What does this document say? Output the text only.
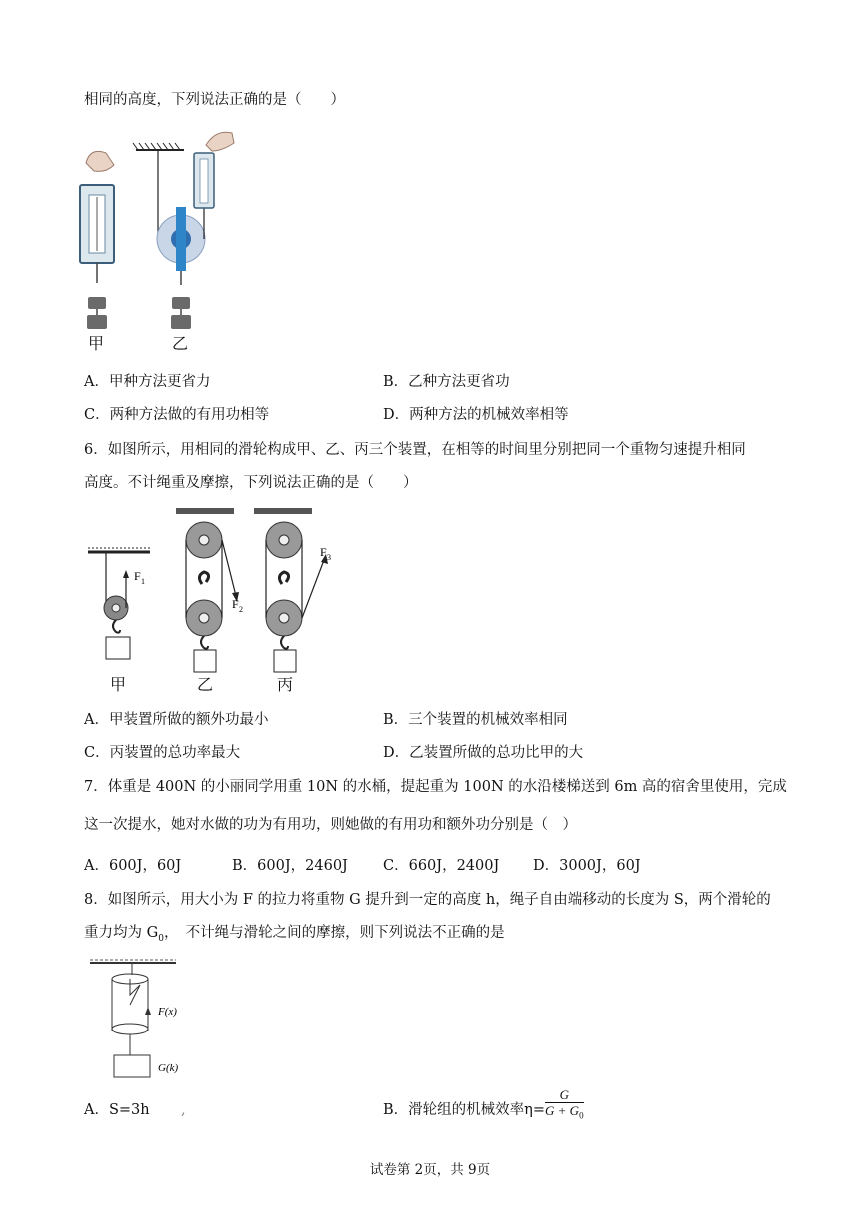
相同的高度，下列说法正确的是（　　）
甲	乙
A．甲种方法更省力	B．乙种方法更省功
C．两种方法做的有用功相等	D．两种方法的机械效率相等
6．如图所示，用相同的滑轮构成甲、乙、丙三个装置，在相等的时间里分别把同一个重物匀速提升相同
高度。不计绳重及摩擦，下列说法正确的是（　　）
F 1
F 2
F 3
甲	乙	丙
A．甲装置所做的额外功最小	B．三个装置的机械效率相同
C．丙装置的总功率最大	D．乙装置所做的总功比甲的大
7．体重是 400N 的小丽同学用重 10N 的水桶，提起重为 100N 的水沿楼梯送到 6m 高的宿舍里使用，完成
这一次提水，她对水做的功为有用功，则她做的有用功和额外功分别是（　）
A．600J，60J	B．600J，2460J C．660J，2400J D．3000J，60J
8．如图所示，用大小为 F 的拉力将重物 G 提升到一定的高度 h，绳子自由端移动的长度为 S，两个滑轮的
重力均为 $G_0$，　不计绳与滑轮之间的摩擦，则下列说法不正确的是
F(x)
G(k)
A．S=3h ,	B．滑轮组的机械效率$\eta= \frac{G}{G + G_0}$
试卷第 2页，共 9页
